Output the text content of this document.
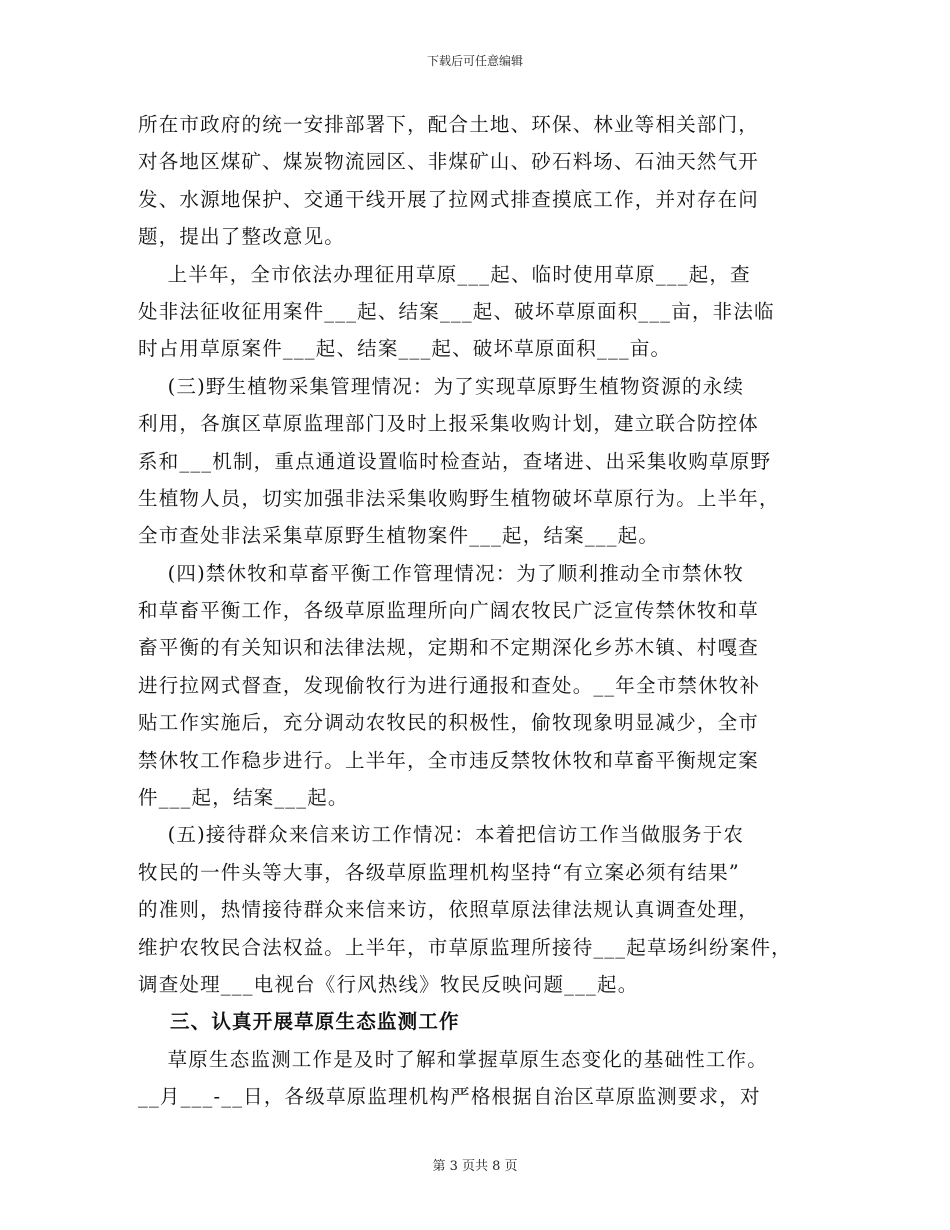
下载后可任意编辑
所在市政府的统一安排部署下，配合土地、环保、林业等相关部门，
对各地区煤矿、煤炭物流园区、非煤矿山、砂石料场、石油天然气开
发、水源地保护、交通干线开展了拉网式排查摸底工作，并对存在问
题，提出了整改意见。
上半年，全市依法办理征用草原___起、临时使用草原___起，查
处非法征收征用案件___起、结案___起、破坏草原面积___亩，非法临
时占用草原案件___起、结案___起、破坏草原面积___亩。
(三)野生植物采集管理情况：为了实现草原野生植物资源的永续
利用，各旗区草原监理部门及时上报采集收购计划，建立联合防控体
系和___机制，重点通道设置临时检查站，查堵进、出采集收购草原野
生植物人员，切实加强非法采集收购野生植物破坏草原行为。上半年，
全市查处非法采集草原野生植物案件___起，结案___起。
(四)禁休牧和草畜平衡工作管理情况：为了顺利推动全市禁休牧
和草畜平衡工作，各级草原监理所向广阔农牧民广泛宣传禁休牧和草
畜平衡的有关知识和法律法规，定期和不定期深化乡苏木镇、村嘎查
进行拉网式督查，发现偷牧行为进行通报和查处。__年全市禁休牧补
贴工作实施后，充分调动农牧民的积极性，偷牧现象明显减少，全市
禁休牧工作稳步进行。上半年，全市违反禁牧休牧和草畜平衡规定案
件___起，结案___起。
(五)接待群众来信来访工作情况：本着把信访工作当做服务于农
牧民的一件头等大事，各级草原监理机构坚持“有立案必须有结果”
的准则，热情接待群众来信来访，依照草原法律法规认真调查处理，
维护农牧民合法权益。上半年，市草原监理所接待___起草场纠纷案件，
调查处理___电视台《行风热线》牧民反映问题___起。
三、认真开展草原生态监测工作
草原生态监测工作是及时了解和掌握草原生态变化的基础性工作。
__月___-__日，各级草原监理机构严格根据自治区草原监测要求，对
第 3 页共 8 页
